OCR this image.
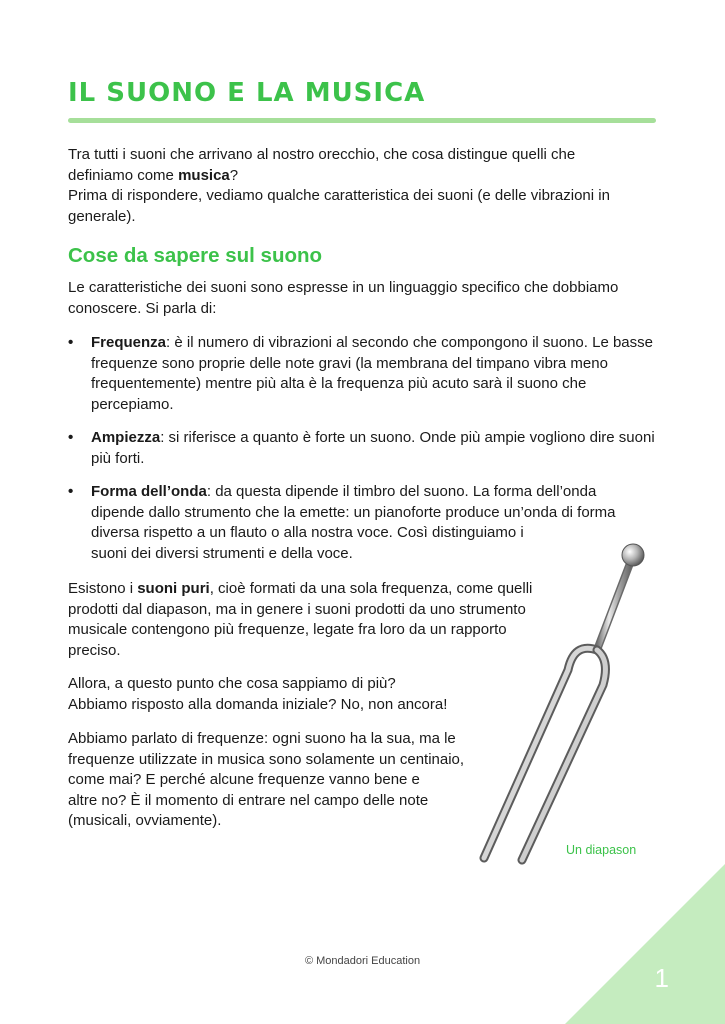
IL SUONO E LA MUSICA

Tra tutti i suoni che arrivano al nostro orecchio, che cosa distingue quelli che definiamo come musica?

Prima di rispondere, vediamo qualche caratteristica dei suoni (e delle vibrazioni in generale).

Cose da sapere sul suono

Le caratteristiche dei suoni sono espresse in un linguaggio specifico che dobbiamo conoscere. Si parla di:

• Frequenza: è il numero di vibrazioni al secondo che compongono il suono. Le basse frequenze sono proprie delle note gravi (la membrana del timpano vibra meno frequentemente) mentre più alta è la frequenza più acuto sarà il suono che percepiamo.
• Ampiezza: si riferisce a quanto è forte un suono. Onde più ampie vogliono dire suoni più forti.
• Forma dell’onda: da questa dipende il timbro del suono. La forma dell’onda dipende dallo strumento che la emette: un pianoforte produce un’onda di forma diversa rispetto a un flauto o alla nostra voce. Così distinguiamo i
suoni dei diversi strumenti e della voce.
Esistono i suoni puri, cioè formati da una sola frequenza, come quelli
prodotti dal diapason, ma in genere i suoni prodotti da uno strumento
musicale contengono più frequenze, legate fra loro da un rapporto
preciso.
Allora, a questo punto che cosa sappiamo di più?
Abbiamo risposto alla domanda iniziale? No, non ancora!
Abbiamo parlato di frequenze: ogni suono ha la sua, ma le
frequenze utilizzate in musica sono solamente un centinaio,
come mai? E perché alcune frequenze vanno bene e
altre no? È il momento di entrare nel campo delle note
(musicali, ovviamente).
Un diapason
© Mondadori Education
1
